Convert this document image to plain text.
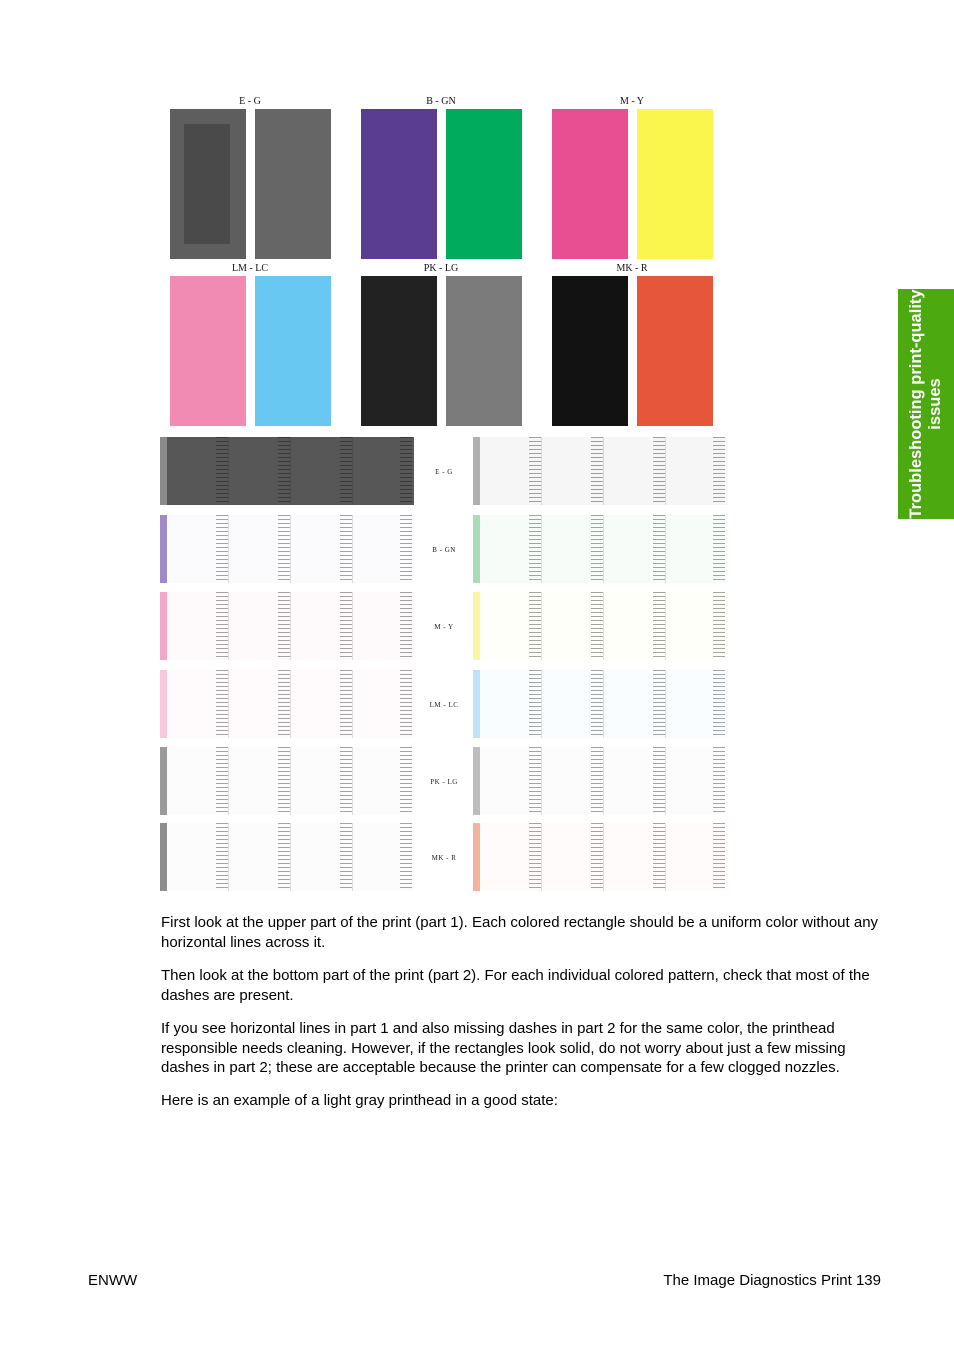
Troubleshooting print-quality issues
E - G	B - GN	M - Y
LM - LC	PK - LG	MK - R
E - G
B - GN
M - Y
LM - LC
PK - LG
MK - R

First look at the upper part of the print (part 1). Each colored rectangle should be a uniform color without any horizontal lines across it.

Then look at the bottom part of the print (part 2). For each individual colored pattern, check that most of the dashes are present.

If you see horizontal lines in part 1 and also missing dashes in part 2 for the same color, the printhead responsible needs cleaning. However, if the rectangles look solid, do not worry about just a few missing dashes in part 2; these are acceptable because the printer can compensate for a few clogged nozzles.

Here is an example of a light gray printhead in a good state:

ENWW	The Image Diagnostics Print 139
